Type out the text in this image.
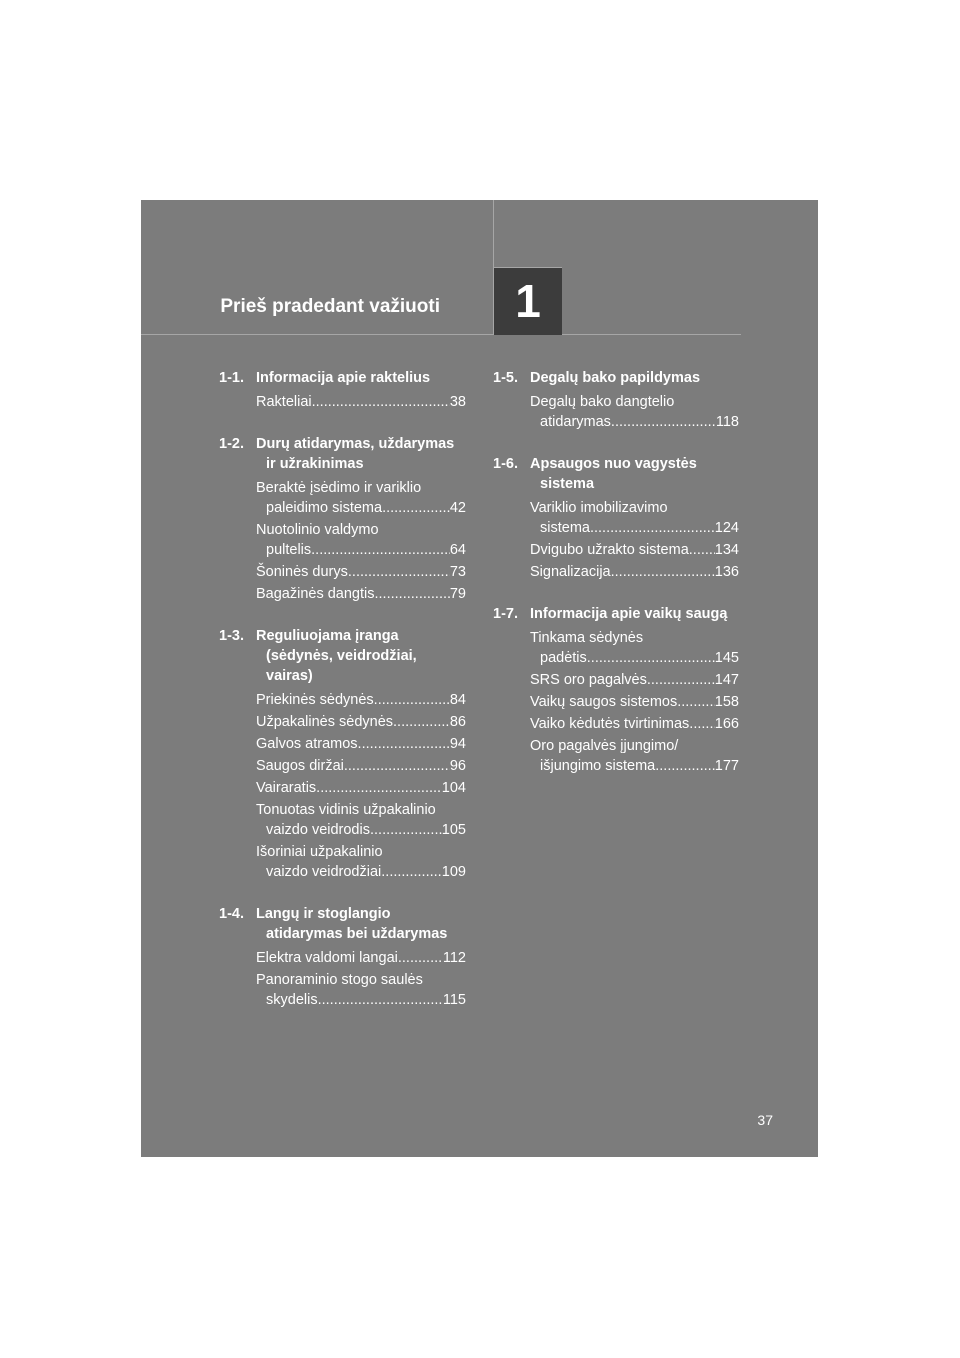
Prieš pradedant važiuoti	1
1-1. Informacija apie raktelius
Rakteliai .....	38
1-2. Durų atidarymas, uždarymas ir užrakinimas
Beraktė įsėdimo ir variklio
paleidimo sistema .....	42
Nuotolinio valdymo
pultelis .....	64
Šoninės durys .....	73
Bagažinės dangtis .....	79
1-3. Reguliuojama įranga (sėdynės, veidrodžiai, vairas)
Priekinės sėdynės .....	84
Užpakalinės sėdynės .....	86
Galvos atramos .....	94
Saugos diržai .....	96
Vairaratis .....	104
Tonuotas vidinis užpakalinio
vaizdo veidrodis .....	105
Išoriniai užpakalinio
vaizdo veidrodžiai .....	109
1-4. Langų ir stoglangio atidarymas bei uždarymas
Elektra valdomi langai .....	112
Panoraminio stogo saulės
skydelis .....	115
1-5. Degalų bako papildymas
Degalų bako dangtelio
atidarymas .....	118
1-6. Apsaugos nuo vagystės sistema
Variklio imobilizavimo
sistema .....	124
Dvigubo užrakto sistema ..... 134
Signalizacija .....	136
1-7. Informacija apie vaikų saugą
Tinkama sėdynės
padėtis .....	145
SRS oro pagalvės .....	147
Vaikų saugos sistemos .....	158
Vaiko kėdutės tvirtinimas ..... 166
Oro pagalvės įjungimo/
išjungimo sistema .....	177
37
